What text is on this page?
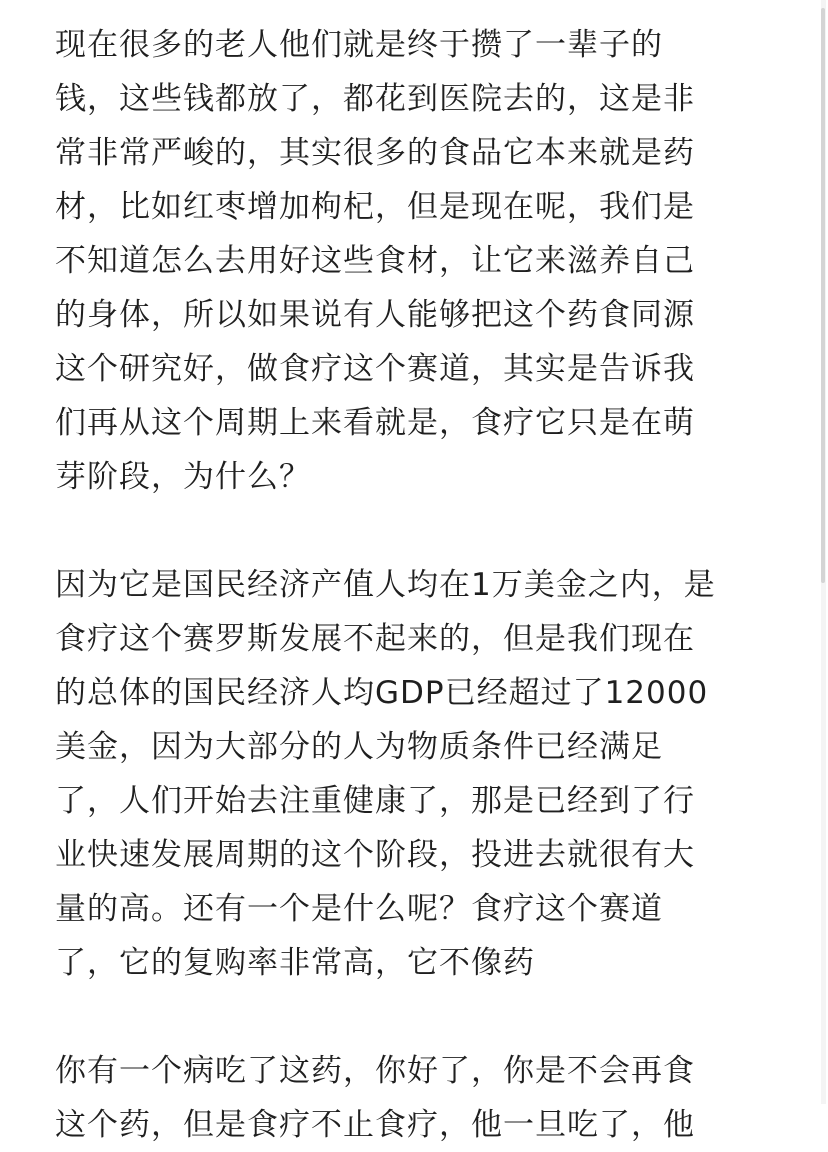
现在很多的老人他们就是终于攒了一辈子的
钱，这些钱都放了，都花到医院去的，这是非
常非常严峻的，其实很多的食品它本来就是药
材，比如红枣增加枸杞，但是现在呢，我们是
不知道怎么去用好这些食材，让它来滋养自己
的身体，所以如果说有人能够把这个药食同源
这个研究好，做食疗这个赛道，其实是告诉我
们再从这个周期上来看就是，食疗它只是在萌
芽阶段，为什么？

因为它是国民经济产值人均在1万美金之内，是
食疗这个赛罗斯发展不起来的，但是我们现在
的总体的国民经济人均GDP已经超过了12000
美金，因为大部分的人为物质条件已经满足
了，人们开始去注重健康了，那是已经到了行
业快速发展周期的这个阶段，投进去就很有大
量的高。还有一个是什么呢？食疗这个赛道
了，它的复购率非常高，它不像药

你有一个病吃了这药，你好了，你是不会再食
这个药，但是食疗不止食疗，他一旦吃了，他
